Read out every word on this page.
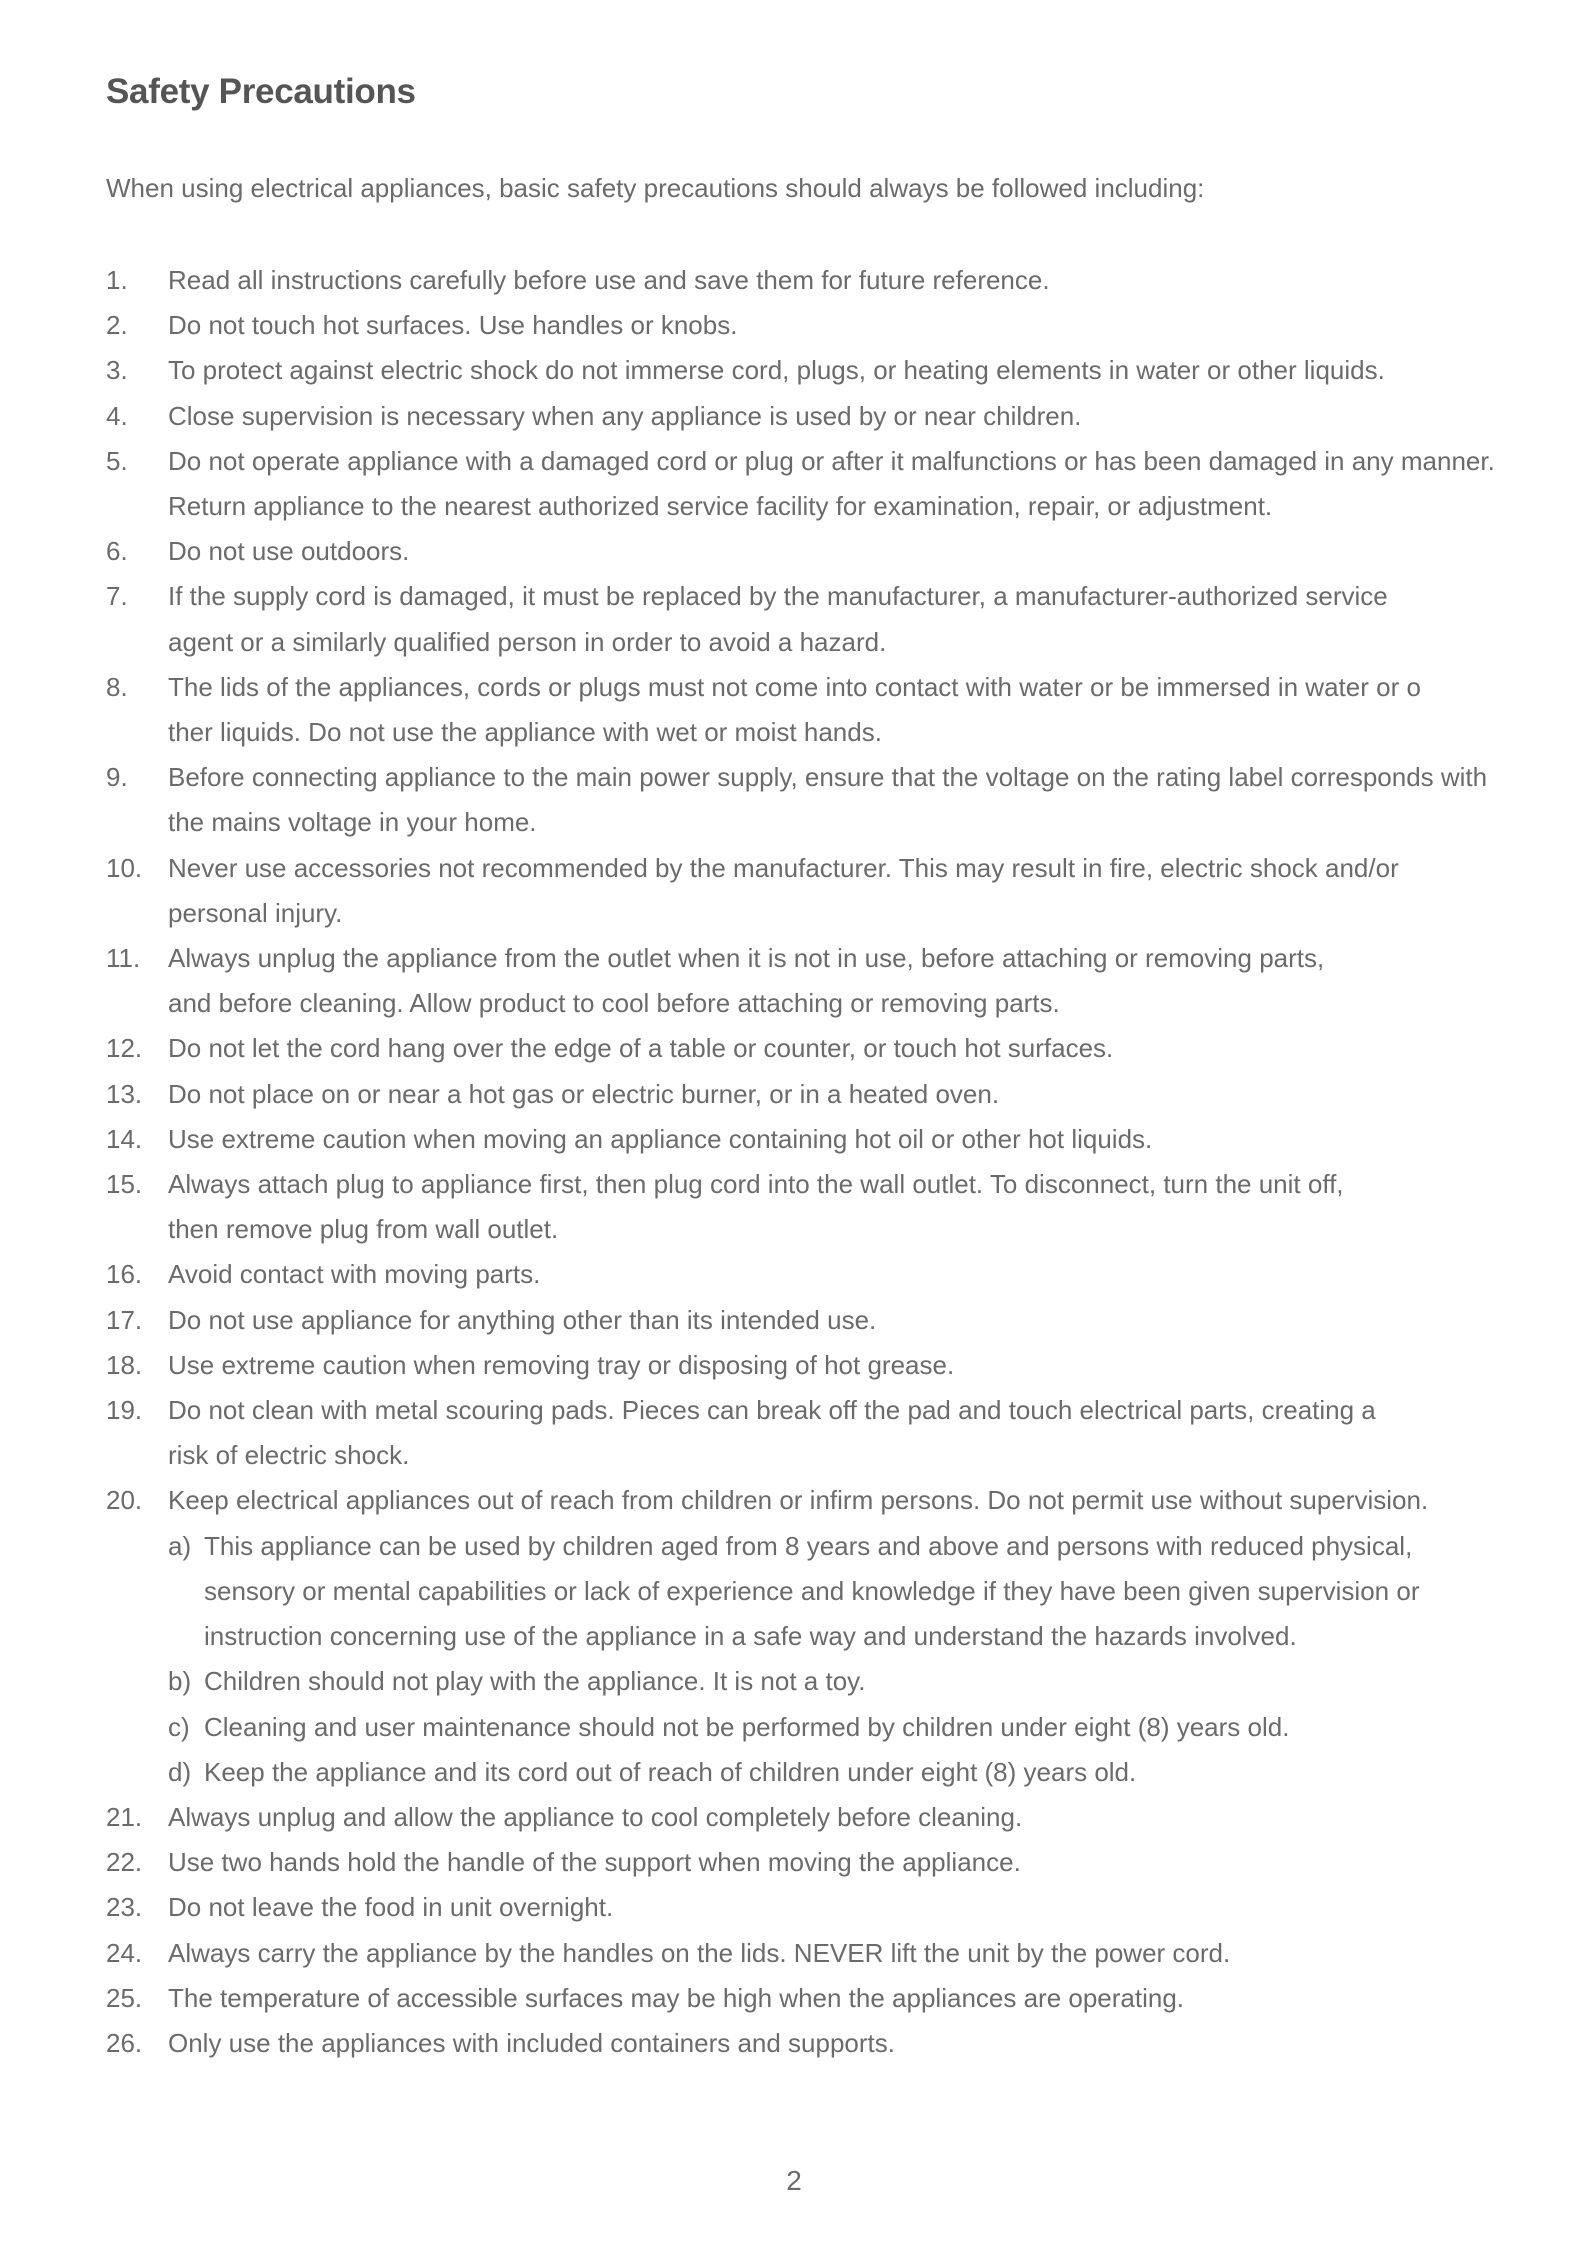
Safety Precautions

When using electrical appliances, basic safety precautions should always be followed including:

1. Read all instructions carefully before use and save them for future reference.
2. Do not touch hot surfaces. Use handles or knobs.
3. To protect against electric shock do not immerse cord, plugs, or heating elements in water or other liquids.
4. Close supervision is necessary when any appliance is used by or near children.
5. Do not operate appliance with a damaged cord or plug or after it malfunctions or has been damaged in any manner.
Return appliance to the nearest authorized service facility for examination, repair, or adjustment.
6. Do not use outdoors.
7. If the supply cord is damaged, it must be replaced by the manufacturer, a manufacturer-authorized service
agent or a similarly qualified person in order to avoid a hazard.
8. The lids of the appliances, cords or plugs must not come into contact with water or be immersed in water or o
ther liquids. Do not use the appliance with wet or moist hands.
9. Before connecting appliance to the main power supply, ensure that the voltage on the rating label corresponds with
the mains voltage in your home.
10. Never use accessories not recommended by the manufacturer. This may result in fire, electric shock and/or
personal injury.
11. Always unplug the appliance from the outlet when it is not in use, before attaching or removing parts,
and before cleaning. Allow product to cool before attaching or removing parts.
12. Do not let the cord hang over the edge of a table or counter, or touch hot surfaces.
13. Do not place on or near a hot gas or electric burner, or in a heated oven.
14. Use extreme caution when moving an appliance containing hot oil or other hot liquids.
15. Always attach plug to appliance first, then plug cord into the wall outlet. To disconnect, turn the unit off,
then remove plug from wall outlet.
16. Avoid contact with moving parts.
17. Do not use appliance for anything other than its intended use.
18. Use extreme caution when removing tray or disposing of hot grease.
19. Do not clean with metal scouring pads. Pieces can break off the pad and touch electrical parts, creating a
risk of electric shock.
20. Keep electrical appliances out of reach from children or infirm persons. Do not permit use without supervision.
a) This appliance can be used by children aged from 8 years and above and persons with reduced physical,
sensory or mental capabilities or lack of experience and knowledge if they have been given supervision or
instruction concerning use of the appliance in a safe way and understand the hazards involved.
b) Children should not play with the appliance. It is not a toy.
c) Cleaning and user maintenance should not be performed by children under eight (8) years old.
d) Keep the appliance and its cord out of reach of children under eight (8) years old.
21. Always unplug and allow the appliance to cool completely before cleaning.
22. Use two hands hold the handle of the support when moving the appliance.
23. Do not leave the food in unit overnight.
24. Always carry the appliance by the handles on the lids. NEVER lift the unit by the power cord.
25. The temperature of accessible surfaces may be high when the appliances are operating.
26. Only use the appliances with included containers and supports.
2
